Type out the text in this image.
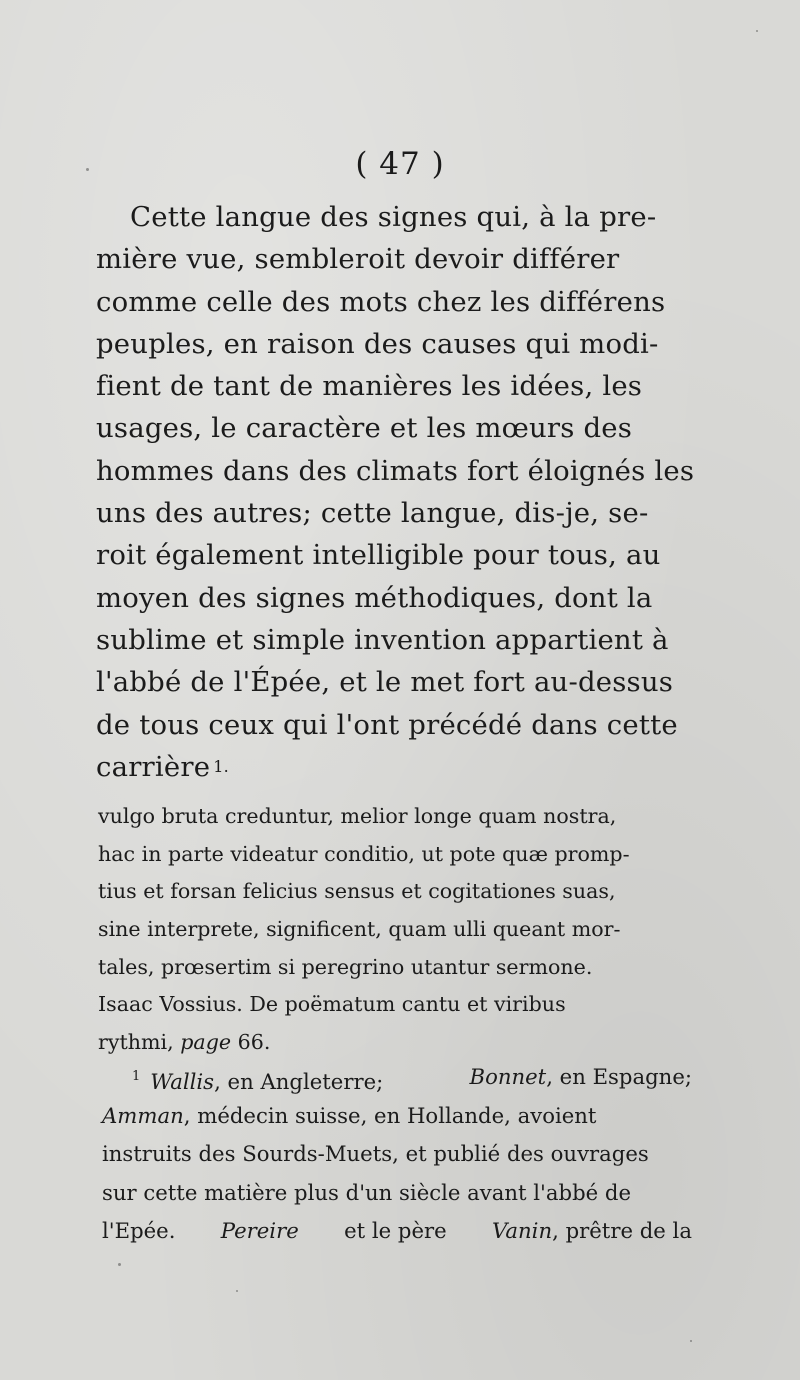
( 47 )
Cette langue des signes qui, à la pre-
mière vue, sembleroit devoir différer
comme celle des mots chez les différens
peuples, en raison des causes qui modi-
fient de tant de manières les idées, les
usages, le caractère et les mœurs des
hommes dans des climats fort éloignés les
uns des autres; cette langue, dis-je, se-
roit également intelligible pour tous, au
moyen des signes méthodiques, dont la
sublime et simple invention appartient à
l'abbé de l'Épée, et le met fort au-dessus
de tous ceux qui l'ont précédé dans cette
carrière 1.
vulgo bruta creduntur, melior longe quam nostra,
hac in parte videatur conditio, ut pote quæ promp-
tius et forsan felicius sensus et cogitationes suas,
sine interprete, significent, quam ulli queant mor-
tales, prœsertim si peregrino utantur sermone.
Isaac Vossius. De poëmatum cantu et viribus
rythmi,
page
66.
$^1$ Wallis, en Angleterre;	Bonnet, en Espagne;
Amman, médecin suisse, en Hollande, avoient
instruits des Sourds-Muets, et publié des ouvrages
sur cette matière plus d'un siècle avant l'abbé de
l'Epée. Pereire et le père Vanin, prêtre de la
